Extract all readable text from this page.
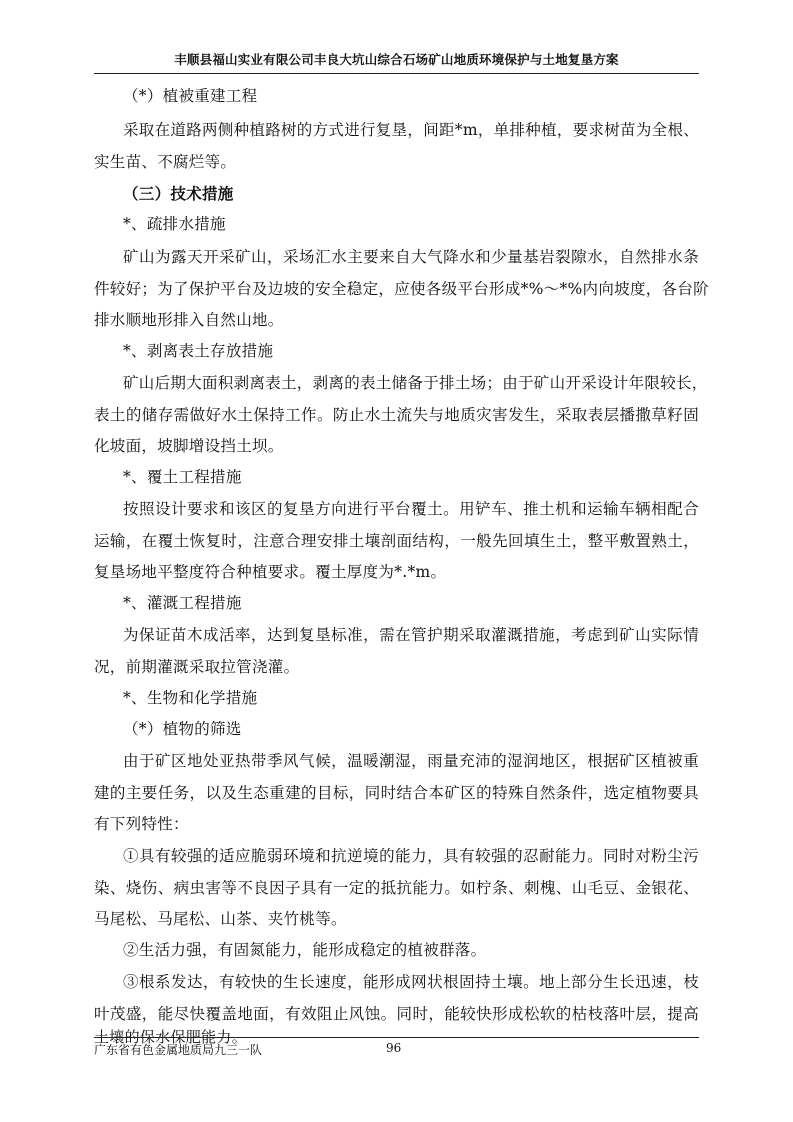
丰顺县福山实业有限公司丰良大坑山综合石场矿山地质环境保护与土地复垦方案
（*）植被重建工程
采取在道路两侧种植路树的方式进行复垦，间距*m，单排种植，要求树苗为全根、
实生苗、不腐烂等。
（三）技术措施
*、疏排水措施
矿山为露天开采矿山，采场汇水主要来自大气降水和少量基岩裂隙水，自然排水条
件较好；为了保护平台及边坡的安全稳定，应使各级平台形成*%～*%内向坡度，各台阶
排水顺地形排入自然山地。
*、剥离表土存放措施
矿山后期大面积剥离表土，剥离的表土储备于排土场；由于矿山开采设计年限较长，
表土的储存需做好水土保持工作。防止水土流失与地质灾害发生，采取表层播撒草籽固
化坡面，坡脚增设挡土坝。
*、覆土工程措施
按照设计要求和该区的复垦方向进行平台覆土。用铲车、推土机和运输车辆相配合
运输，在覆土恢复时，注意合理安排土壤剖面结构，一般先回填生土，整平敷置熟土，
复垦场地平整度符合种植要求。覆土厚度为*.*m。
*、灌溉工程措施
为保证苗木成活率，达到复垦标准，需在管护期采取灌溉措施，考虑到矿山实际情
况，前期灌溉采取拉管浇灌。
*、生物和化学措施
（*）植物的筛选
由于矿区地处亚热带季风气候，温暖潮湿，雨量充沛的湿润地区，根据矿区植被重
建的主要任务，以及生态重建的目标，同时结合本矿区的特殊自然条件，选定植物要具
有下列特性：
①具有较强的适应脆弱环境和抗逆境的能力，具有较强的忍耐能力。同时对粉尘污
染、烧伤、病虫害等不良因子具有一定的抵抗能力。如柠条、刺槐、山毛豆、金银花、
马尾松、马尾松、山茶、夹竹桃等。
②生活力强，有固氮能力，能形成稳定的植被群落。
③根系发达，有较快的生长速度，能形成网状根固持土壤。地上部分生长迅速，枝
叶茂盛，能尽快覆盖地面，有效阻止风蚀。同时，能较快形成松软的枯枝落叶层，提高
土壤的保水保肥能力。
广东省有色金属地质局九三一队	96
